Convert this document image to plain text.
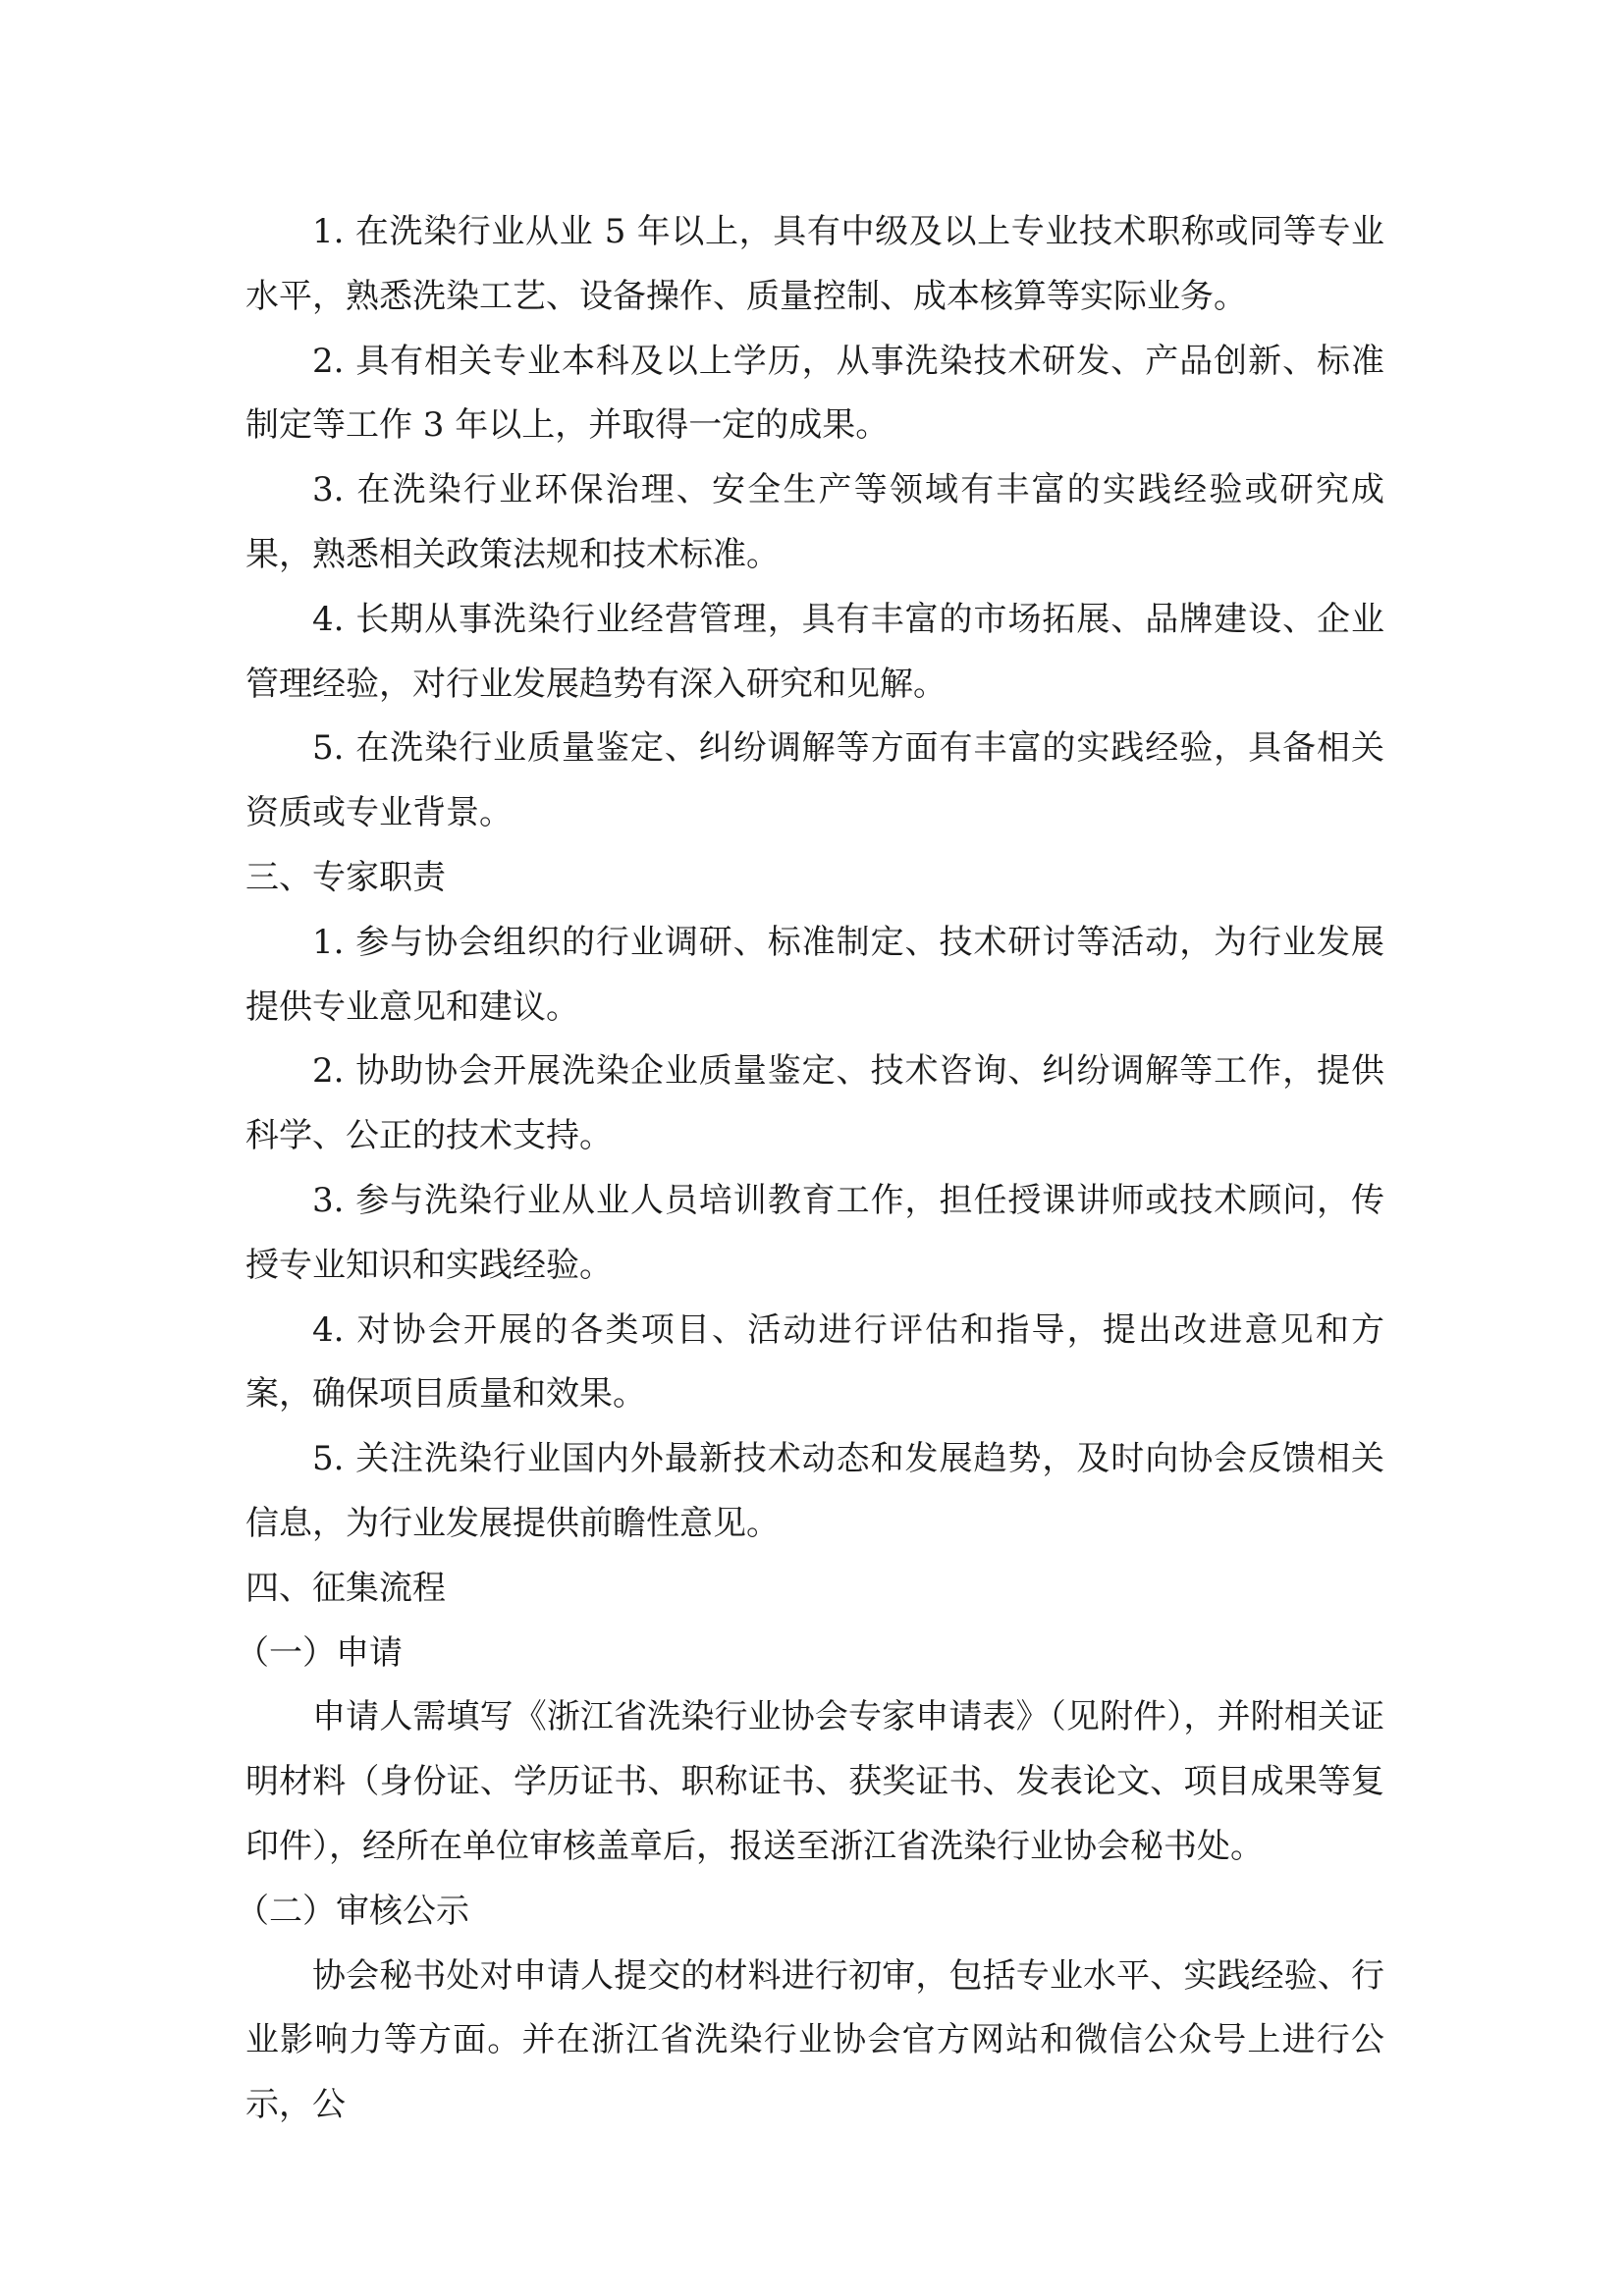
1. 在洗染行业从业 5 年以上，具有中级及以上专业技术职称或同等专业水平，熟悉洗染工艺、设备操作、质量控制、成本核算等实际业务。

2. 具有相关专业本科及以上学历，从事洗染技术研发、产品创新、标准制定等工作 3 年以上，并取得一定的成果。

3. 在洗染行业环保治理、安全生产等领域有丰富的实践经验或研究成果，熟悉相关政策法规和技术标准。

4. 长期从事洗染行业经营管理，具有丰富的市场拓展、品牌建设、企业管理经验，对行业发展趋势有深入研究和见解。

5. 在洗染行业质量鉴定、纠纷调解等方面有丰富的实践经验，具备相关资质或专业背景。

三、专家职责

1. 参与协会组织的行业调研、标准制定、技术研讨等活动，为行业发展提供专业意见和建议。

2. 协助协会开展洗染企业质量鉴定、技术咨询、纠纷调解等工作，提供科学、公正的技术支持。

3. 参与洗染行业从业人员培训教育工作，担任授课讲师或技术顾问，传授专业知识和实践经验。

4. 对协会开展的各类项目、活动进行评估和指导，提出改进意见和方案，确保项目质量和效果。

5. 关注洗染行业国内外最新技术动态和发展趋势，及时向协会反馈相关信息，为行业发展提供前瞻性意见。

四、征集流程

（一）申请

申请人需填写《浙江省洗染行业协会专家申请表》（见附件），并附相关证明材料（身份证、学历证书、职称证书、获奖证书、发表论文、项目成果等复印件），经所在单位审核盖章后，报送至浙江省洗染行业协会秘书处。

（二）审核公示

协会秘书处对申请人提交的材料进行初审，包括专业水平、实践经验、行业影响力等方面。并在浙江省洗染行业协会官方网站和微信公众号上进行公示，公
